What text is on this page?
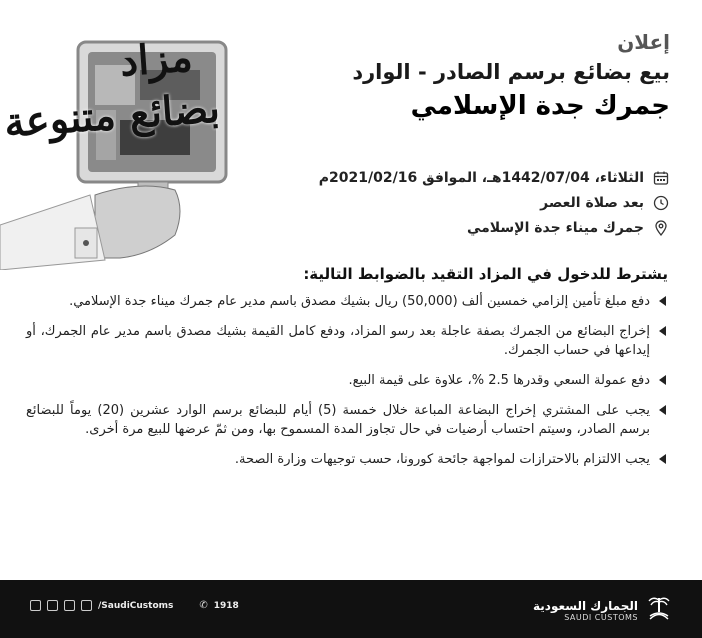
مزاد
بضائع متنوعة
إعلان
بيع بضائع برسم الصادر - الوارد
جمرك جدة الإسلامي
الثلاثاء، 1442/07/04هـ، الموافق 2021/02/16م
بعد صلاة العصر
جمرك ميناء جدة الإسلامي
يشترط للدخول في المزاد التقيد بالضوابط التالية:
دفع مبلغ تأمين إلزامي خمسين ألف (50,000) ريال بشيك مصدق باسم مدير عام جمرك ميناء جدة الإسلامي.
إخراج البضائع من الجمرك بصفة عاجلة بعد رسو المزاد، ودفع كامل القيمة بشيك مصدق باسم مدير عام الجمرك، أو إيداعها في حساب الجمرك.
دفع عمولة السعي وقدرها 2.5 %، علاوة على قيمة البيع.
يجب على المشتري إخراج البضاعة المباعة خلال خمسة (5) أيام للبضائع برسم الوارد عشرين (20) يوماً للبضائع برسم الصادر، وسيتم احتساب أرضيات في حال تجاوز المدة المسموح بها، ومن ثمّ عرضها للبيع مرة أخرى.
يجب الالتزام بالاحترازات لمواجهة جائحة كورونا، حسب توجيهات وزارة الصحة.
/SaudiCustoms	✆ 1918	الجمارك السعودية
SAUDI CUSTOMS
